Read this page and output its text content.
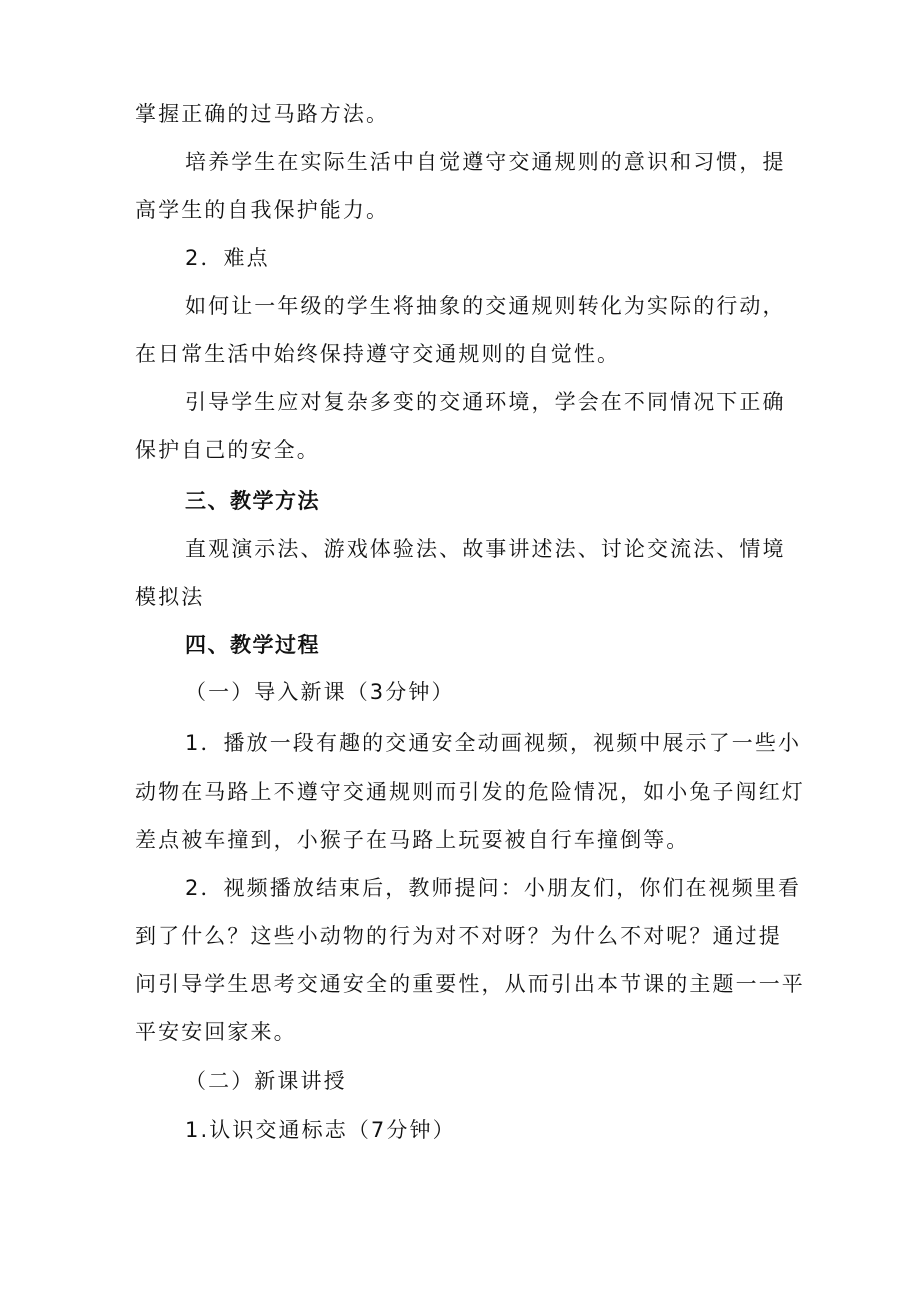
掌握正确的过马路方法。
培养学生在实际生活中自觉遵守交通规则的意识和习惯，提
高学生的自我保护能力。
2．难点
如何让一年级的学生将抽象的交通规则转化为实际的行动，
在日常生活中始终保持遵守交通规则的自觉性。
引导学生应对复杂多变的交通环境，学会在不同情况下正确
保护自己的安全。
三、教学方法
直观演示法、游戏体验法、故事讲述法、讨论交流法、情境
模拟法
四、教学过程
（一）导入新课（3分钟）
1．播放一段有趣的交通安全动画视频，视频中展示了一些小
动物在马路上不遵守交通规则而引发的危险情况，如小兔子闯红灯
差点被车撞到，小猴子在马路上玩耍被自行车撞倒等。
2．视频播放结束后，教师提问：小朋友们，你们在视频里看
到了什么？这些小动物的行为对不对呀？为什么不对呢？通过提
问引导学生思考交通安全的重要性，从而引出本节课的主题一一平
平安安回家来。
（二）新课讲授
1.认识交通标志（7分钟）
